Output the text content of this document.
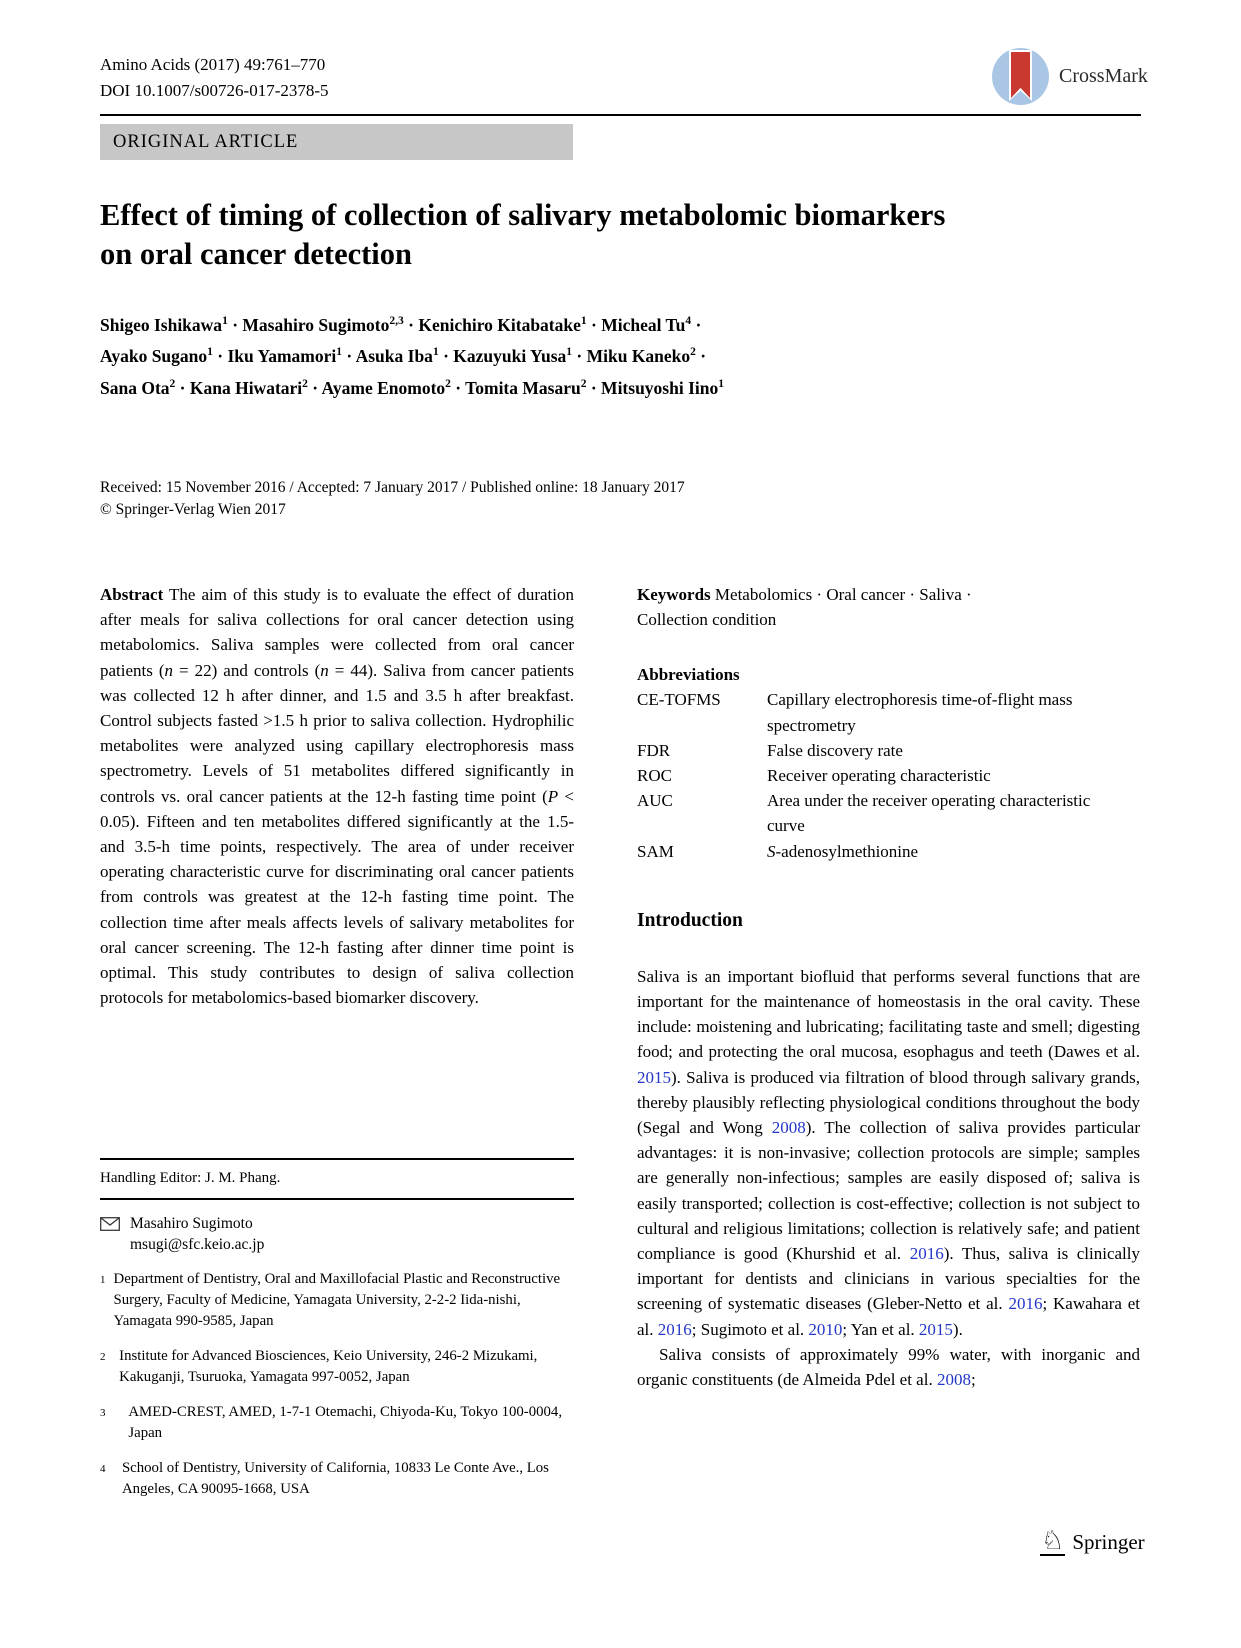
Amino Acids (2017) 49:761–770
DOI 10.1007/s00726-017-2378-5
CrossMark
ORIGINAL ARTICLE
Effect of timing of collection of salivary metabolomic biomarkers
on oral cancer detection
Shigeo Ishikawa$^1$ · Masahiro Sugimoto$^{2,3}$ · Kenichiro Kitabatake$^1$ · Micheal $Tu^4$ ·
Ayako Sugano$^1$ · Iku Yamamori$^1$ · Asuka Iba$^1$ · Kazuyuki Yusa$^1$ · Miku Kaneko$^2$ ·
Sana Ota$^2$ · Kana Hiwatari$^2$ · Ayame Enomoto$^2$ · Tomita Masaru$^2$ · Mitsuyoshi Iino$^1$
Received: 15 November 2016 / Accepted: 7 January 2017 / Published online: 18 January 2017
© Springer-Verlag Wien 2017

Abstract The aim of this study is to evaluate the effect of duration after meals for saliva collections for oral cancer detection using metabolomics. Saliva samples were collected from oral cancer patients (n = 22) and controls (n = 44). Saliva from cancer patients was collected 12 h after dinner, and 1.5 and 3.5 h after breakfast. Control subjects fasted >1.5 h prior to saliva collection. Hydrophilic metabolites were analyzed using capillary electrophoresis mass spectrometry. Levels of 51 metabolites differed significantly in controls vs. oral cancer patients at the 12-h fasting time point (P < 0.05). Fifteen and ten metabolites differed significantly at the 1.5- and 3.5-h time points, respectively. The area of under receiver operating characteristic curve for discriminating oral cancer patients from controls was greatest at the 12-h fasting time point. The collection time after meals affects levels of salivary metabolites for oral cancer screening. The 12-h fasting after dinner time point is optimal. This study contributes to design of saliva collection protocols for metabolomics-based biomarker discovery.

Keywords Metabolomics · Oral cancer · Saliva ·
Collection condition
Abbreviations
CE-TOFMS	Capillary electrophoresis time-of-flight mass spectrometry
FDR	False discovery rate
ROC	Receiver operating characteristic
AUC	Area under the receiver operating characteristic curve
SAM	S-adenosylmethionine
Introduction

Saliva is an important biofluid that performs several functions that are important for the maintenance of homeostasis in the oral cavity. These include: moistening and lubricating; facilitating taste and smell; digesting food; and protecting the oral mucosa, esophagus and teeth (Dawes et al. 2015). Saliva is produced via filtration of blood through salivary grands, thereby plausibly reflecting physiological conditions throughout the body (Segal and Wong 2008). The collection of saliva provides particular advantages: it is non-invasive; collection protocols are simple; samples are generally non-infectious; samples are easily disposed of; saliva is easily transported; collection is cost-effective; collection is not subject to cultural and religious limitations; collection is relatively safe; and patient compliance is good (Khurshid et al. 2016). Thus, saliva is clinically important for dentists and clinicians in various specialties for the screening of systematic diseases (Gleber-Netto et al. 2016; Kawahara et al. 2016; Sugimoto et al. 2010; Yan et al. 2015).

Saliva consists of approximately 99% water, with inorganic and organic constituents (de Almeida Pdel et al. 2008;

Handling Editor: J. M. Phang.
Masahiro Sugimoto
msugi@sfc.keio.ac.jp
1 Department of Dentistry, Oral and Maxillofacial Plastic and Reconstructive Surgery, Faculty of Medicine, Yamagata University, 2-2-2 Iida-nishi, Yamagata 990-9585, Japan
2 Institute for Advanced Biosciences, Keio University, 246-2 Mizukami, Kakuganji, Tsuruoka, Yamagata 997-0052, Japan
3	AMED-CREST, AMED, 1-7-1 Otemachi, Chiyoda-Ku, Tokyo 100-0004, Japan
4	School of Dentistry, University of California, 10833 Le Conte Ave., Los Angeles, CA 90095-1668, USA
♘ Springer
